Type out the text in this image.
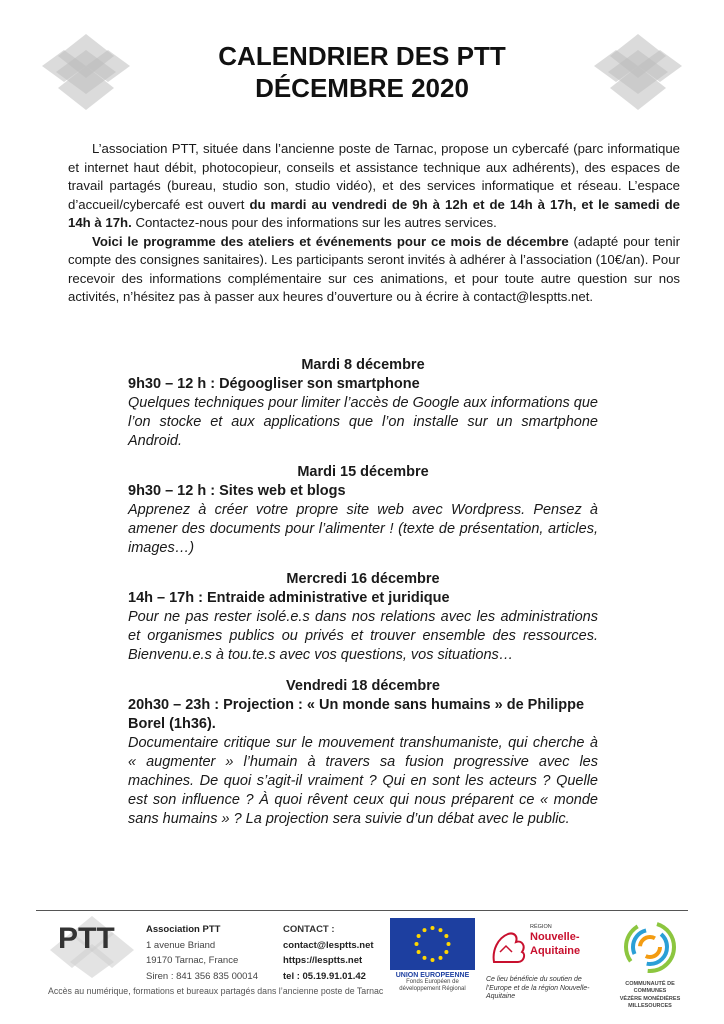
CALENDRIER DES PTT
DÉCEMBRE 2020

L’association PTT, située dans l’ancienne poste de Tarnac, propose un cybercafé (parc informatique et internet haut débit, photocopieur, conseils et assistance technique aux adhérents), des espaces de travail partagés (bureau, studio son, studio vidéo), et des services informatique et réseau. L’espace d’accueil/cybercafé est ouvert du mardi au vendredi de 9h à 12h et de 14h à 17h, et le samedi de 14h à 17h. Contactez-nous pour des informations sur les autres services.

Voici le programme des ateliers et événements pour ce mois de décembre (adapté pour tenir compte des consignes sanitaires). Les participants seront invités à adhérer à l’association (10€/an). Pour recevoir des informations complémentaire sur ces animations, et pour toute autre question sur nos activités, n’hésitez pas à passer aux heures d’ouverture ou à écrire à contact@lesptts.net.

Mardi 8 décembre
9h30 – 12 h : Dégoogliser son smartphone
Quelques techniques pour limiter l’accès de Google aux informations que l’on stocke et aux applications que l’on installe sur un smartphone Android.
Mardi 15 décembre
9h30 – 12 h : Sites web et blogs
Apprenez à créer votre propre site web avec Wordpress. Pensez à amener des documents pour l’alimenter ! (texte de présentation, articles, images…)
Mercredi 16 décembre
14h – 17h : Entraide administrative et juridique
Pour ne pas rester isolé.e.s dans nos relations avec les administrations et organismes publics ou privés et trouver ensemble des ressources. Bienvenu.e.s à tou.te.s avec vos questions, vos situations…
Vendredi 18 décembre
20h30 – 23h : Projection : « Un monde sans humains » de Philippe Borel (1h36).
Documentaire critique sur le mouvement transhumaniste, qui cherche à « augmenter » l’humain à travers sa fusion progressive avec les machines. De quoi s’agit-il vraiment ? Qui en sont les acteurs ? Quelle est son influence ? À quoi rêvent ceux qui nous préparent ce « monde sans humains » ? La projection sera suivie d’un débat avec le public.
PTT	Association PTT
1 avenue Briand
19170 Tarnac, France
Siren : 841 356 835 00014
CONTACT :
contact@lesptts.net
https://lesptts.net
tel : 05.19.91.01.42	UNION EUROPEENNE
Fonds Européen de
développement Régional
RÉGION
Nouvelle-
Aquitaine
Ce lieu bénéficie du soutien de l’Europe et de la région Nouvelle-Aquitaine
COMMUNAUTÉ DE COMMUNES
VÉZÈRE MONÉDIÈRES MILLESOURCES
Accès au numérique, formations et bureaux partagés dans l’ancienne poste de Tarnac
